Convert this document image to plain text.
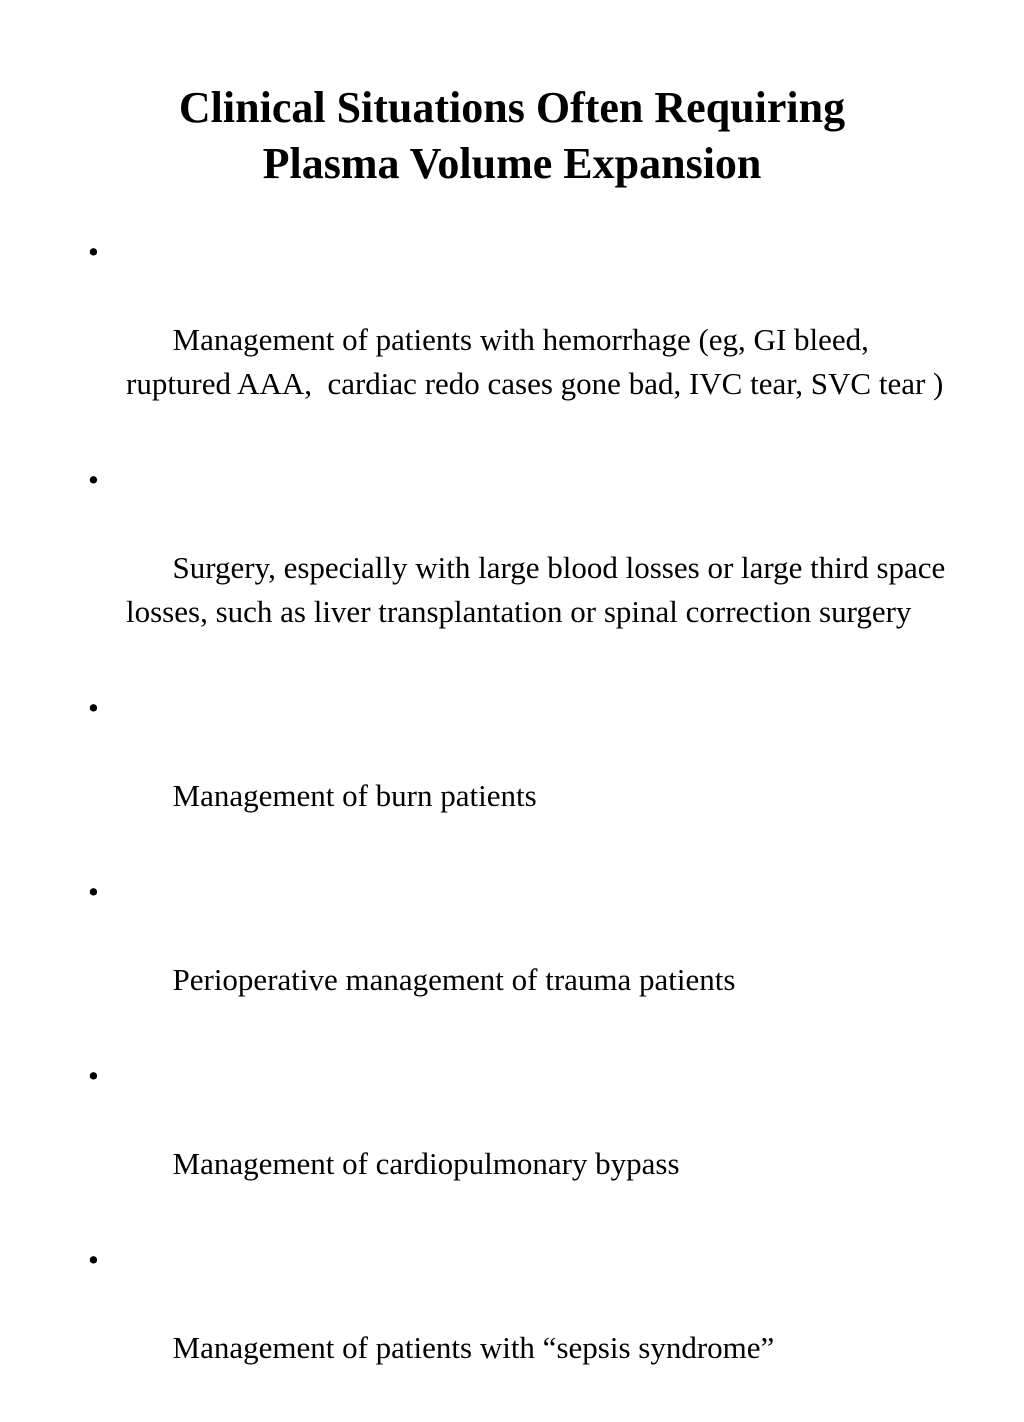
Clinical Situations Often Requiring
Plasma Volume Expansion

•

Management of patients with hemorrhage (eg, GI bleed, ruptured AAA,  cardiac redo cases gone bad, IVC tear, SVC tear )

•

Surgery, especially with large blood losses or large third space losses, such as liver transplantation or spinal correction surgery

•

Management of burn patients

•

Perioperative management of trauma patients

•

Management of cardiopulmonary bypass

•

Management of patients with “sepsis syndrome”
